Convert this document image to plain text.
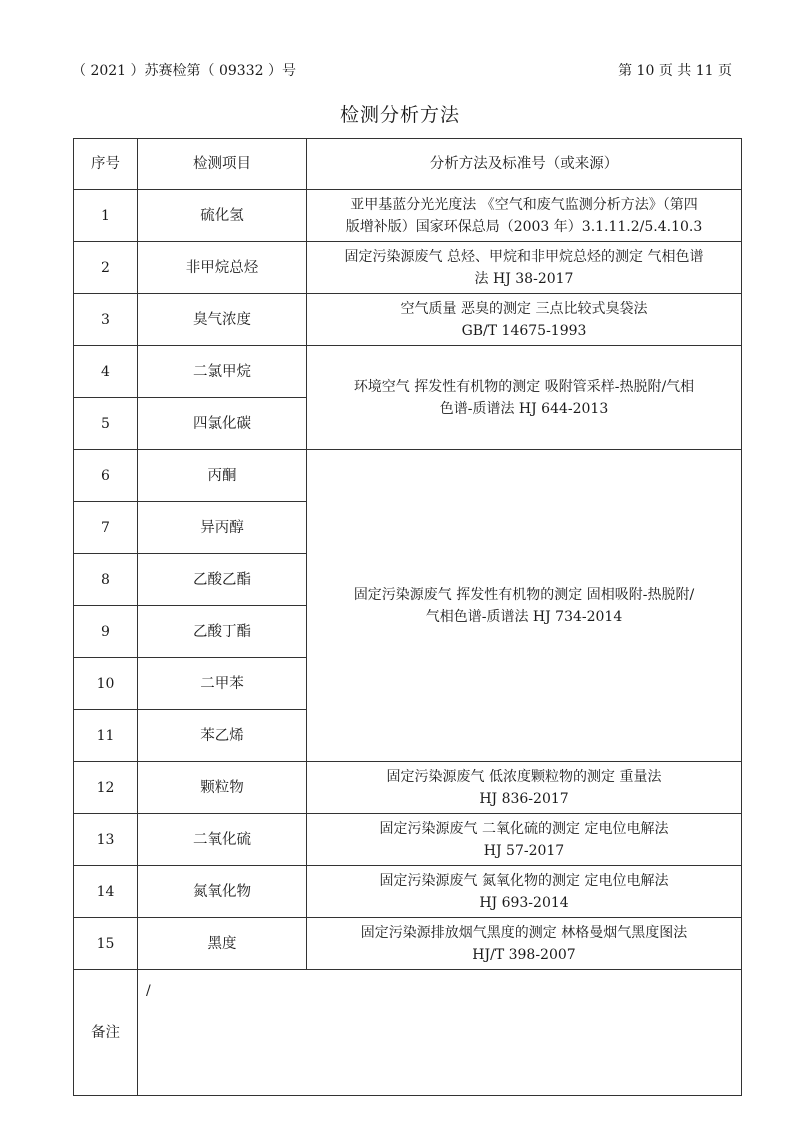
（ 2021 ）苏赛检第（ 09332 ）号	第 10 页 共 11 页
检测分析方法
序号	检测项目	分析方法及标准号（或来源）
1	硫化氢	亚甲基蓝分光光度法 《空气和废气监测分析方法》（第四
版增补版）国家环保总局（2003 年）3.1.11.2/5.4.10.3

2	非甲烷总烃	固定污染源废气 总烃、甲烷和非甲烷总烃的测定 气相色谱
法 HJ 38-2017

3	臭气浓度	空气质量 恶臭的测定 三点比较式臭袋法
GB/T 14675-1993

4	二氯甲烷	环境空气 挥发性有机物的测定 吸附管采样-热脱附/气相
色谱-质谱法 HJ 644-2013

5	四氯化碳	
6	丙酮	固定污染源废气 挥发性有机物的测定 固相吸附-热脱附/
气相色谱-质谱法 HJ 734-2014

7	异丙醇	
8	乙酸乙酯	
9	乙酸丁酯	
10	二甲苯	
11	苯乙烯	
12	颗粒物	固定污染源废气 低浓度颗粒物的测定 重量法
HJ 836-2017

13	二氧化硫	固定污染源废气 二氧化硫的测定 定电位电解法
HJ 57-2017

14	氮氧化物	固定污染源废气 氮氧化物的测定 定电位电解法
HJ 693-2014

15	黑度	固定污染源排放烟气黑度的测定 林格曼烟气黑度图法
HJ/T 398-2007

备注	/	
